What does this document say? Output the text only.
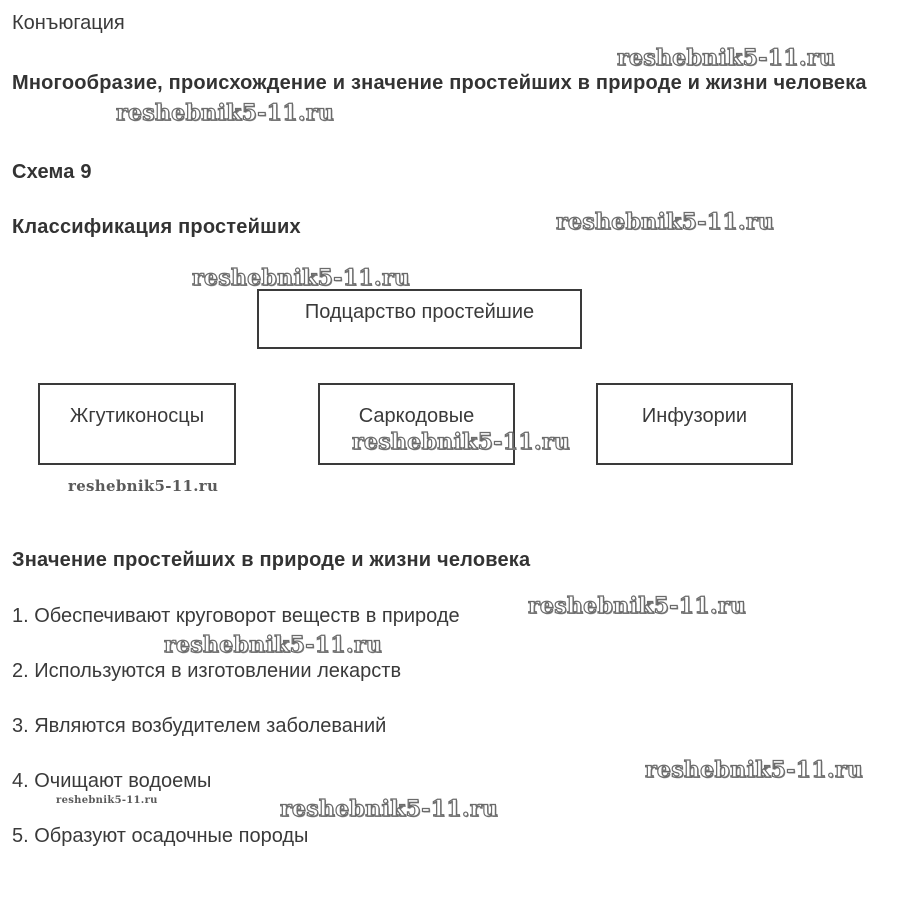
Конъюгация
Многообразие, происхождение и значение простейших в природе и жизни человека
Схема 9
Классификация простейших
Подцарство простейшие
Жгутиконосцы	Саркодовые	Инфузории
Значение простейших в природе и жизни человека
1. Обеспечивают круговорот веществ в природе
2. Используются в изготовлении лекарств
3. Являются возбудителем заболеваний
4. Очищают водоемы
5. Образуют осадочные породы
reshebnik5-11.ru
reshebnik5-11.ru
reshebnik5-11.ru
reshebnik5-11.ru
reshebnik5-11.ru
reshebnik5-11.ru
reshebnik5-11.ru
reshebnik5-11.ru
reshebnik5-11.ru
reshebnik5-11.ru	reshebnik5-11.ru
